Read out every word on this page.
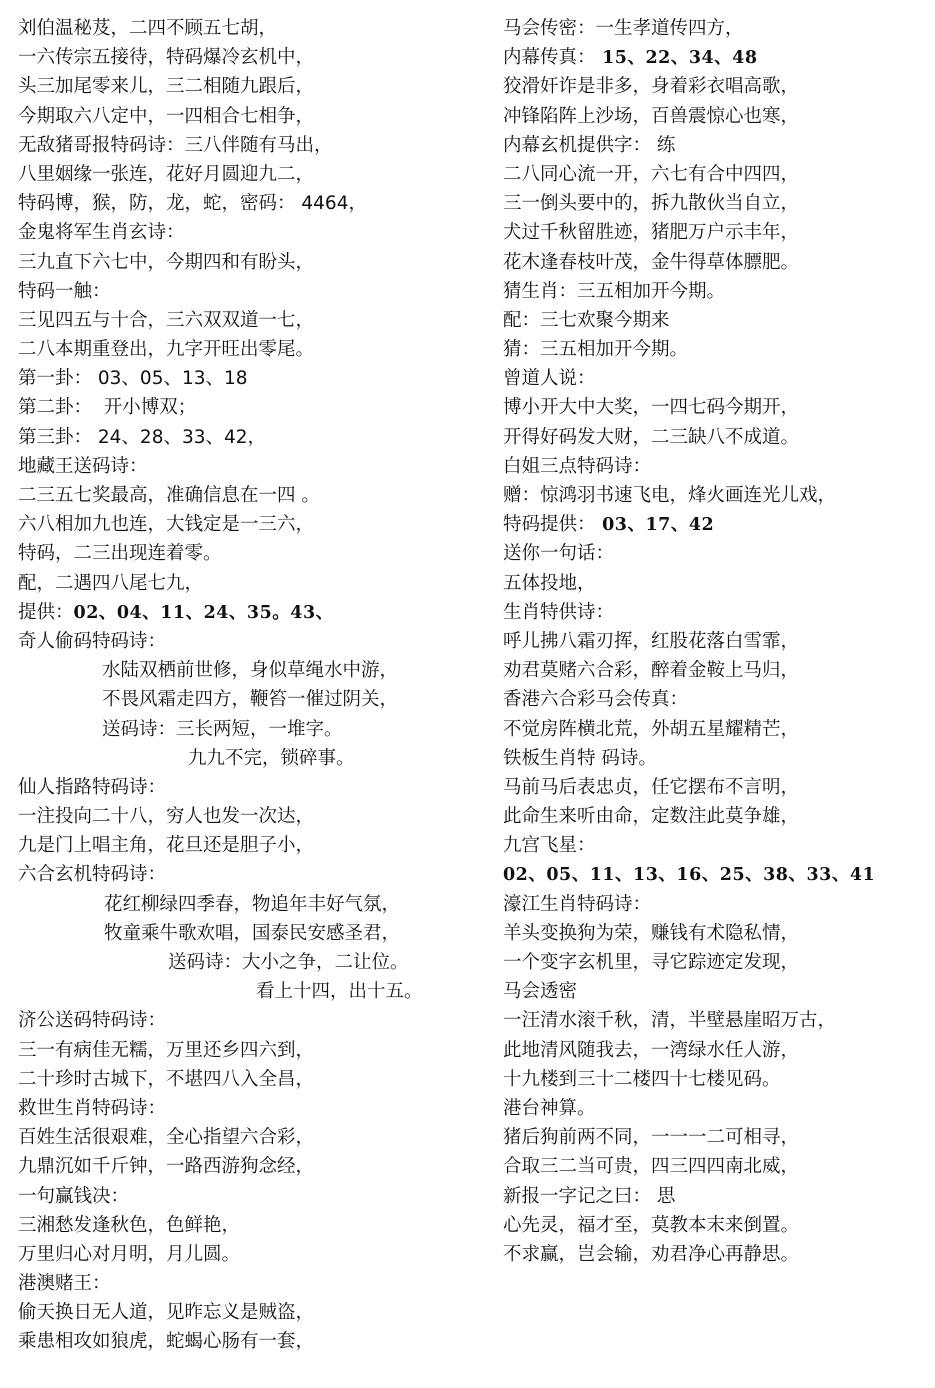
刘伯温秘芨，二四不顾五七胡，
一六传宗五接待，特码爆冷玄机中，
头三加尾零来儿，三二相随九跟后，
今期取六八定中，一四相合七相争，
无敌猪哥报特码诗：三八伴随有马出，
八里姻缘一张连，花好月圆迎九二，
特码博，猴，防，龙，蛇，密码： 4464，
金鬼将军生肖玄诗：
三九直下六七中，今期四和有盼头，
特码一触：
三见四五与十合，三六双双道一七，
二八本期重登出，九字开旺出零尾。
第一卦： 03、05、13、18
第二卦：  开小博双；
第三卦： 24、28、33、42，
地藏王送码诗：
二三五七奖最高，准确信息在一四 。
六八相加九也连，大钱定是一三六，
特码，二三出现连着零。
配，二遇四八尾七九，
提供：02、04、11、24、35。43、
奇人偷码特码诗：
水陆双栖前世修，身似草绳水中游，
不畏风霜走四方，鞭笞一催过阴关，
送码诗：三长两短，一堆字。
九九不完，锁碎事。
仙人指路特码诗：
一注投向二十八，穷人也发一次达，
九是门上唱主角，花旦还是胆子小，
六合玄机特码诗：
花红柳绿四季春，物追年丰好气氛，
牧童乘牛歌欢唱，国泰民安感圣君，
送码诗：大小之争，二让位。
看上十四，出十五。
济公送码特码诗：
三一有病佳无糯，万里还乡四六到，
二十珍时古城下，不堪四八入全昌，
救世生肖特码诗：
百姓生活很艰难，全心指望六合彩，
九鼎沉如千斤钟，一路西游狗念经，
一句赢钱决：
三湘愁发逢秋色，色鲜艳，
万里归心对月明，月儿圆。
港澳赌王：
偷天换日无人道，见昨忘义是贼盗，
乘患相攻如狼虎，蛇蝎心肠有一套，
马会传密：一生孝道传四方，
内幕传真： 15、22、34、48
狡滑奸诈是非多，身着彩衣唱高歌，
冲锋陷阵上沙场，百兽震惊心也寒，
内幕玄机提供字： 练
二八同心流一开，六七有合中四四，
三一倒头要中的，拆九散伙当自立，
犬过千秋留胜迹，猪肥万户示丰年，
花木逢春枝叶茂，金牛得草体膘肥。
猜生肖：三五相加开今期。
配：三七欢聚今期来
猜：三五相加开今期。
曾道人说：
博小开大中大奖，一四七码今期开，
开得好码发大财，二三缺八不成道。
白姐三点特码诗：
赠：惊鸿羽书速飞电，烽火画连光儿戏，
特码提供： 03、17、42
送你一句话：
五体投地，
生肖特供诗：
呼儿拂八霜刃挥，红股花落白雪霏，
劝君莫赌六合彩，醉着金鞍上马归，
香港六合彩马会传真：
不觉房阵横北荒，外胡五星耀精芒，
铁板生肖特 码诗。
马前马后表忠贞，任它摆布不言明，
此命生来听由命，定数注此莫争雄，
九宫飞星：
02、05、11、13、16、25、38、33、41
濠江生肖特码诗：
羊头变换狗为荣，赚钱有术隐私情，
一个变字玄机里，寻它踪迹定发现，
马会透密
一汪清水滚千秋，清，半壁悬崖昭万古，
此地清风随我去，一湾绿水任人游，
十九楼到三十二楼四十七楼见码。
港台神算。
猪后狗前两不同，一一一二可相寻，
合取三二当可贵，四三四四南北威，
新报一字记之曰： 思
心先灵，福才至，莫教本末来倒置。
不求赢，岂会输，劝君净心再静思。
